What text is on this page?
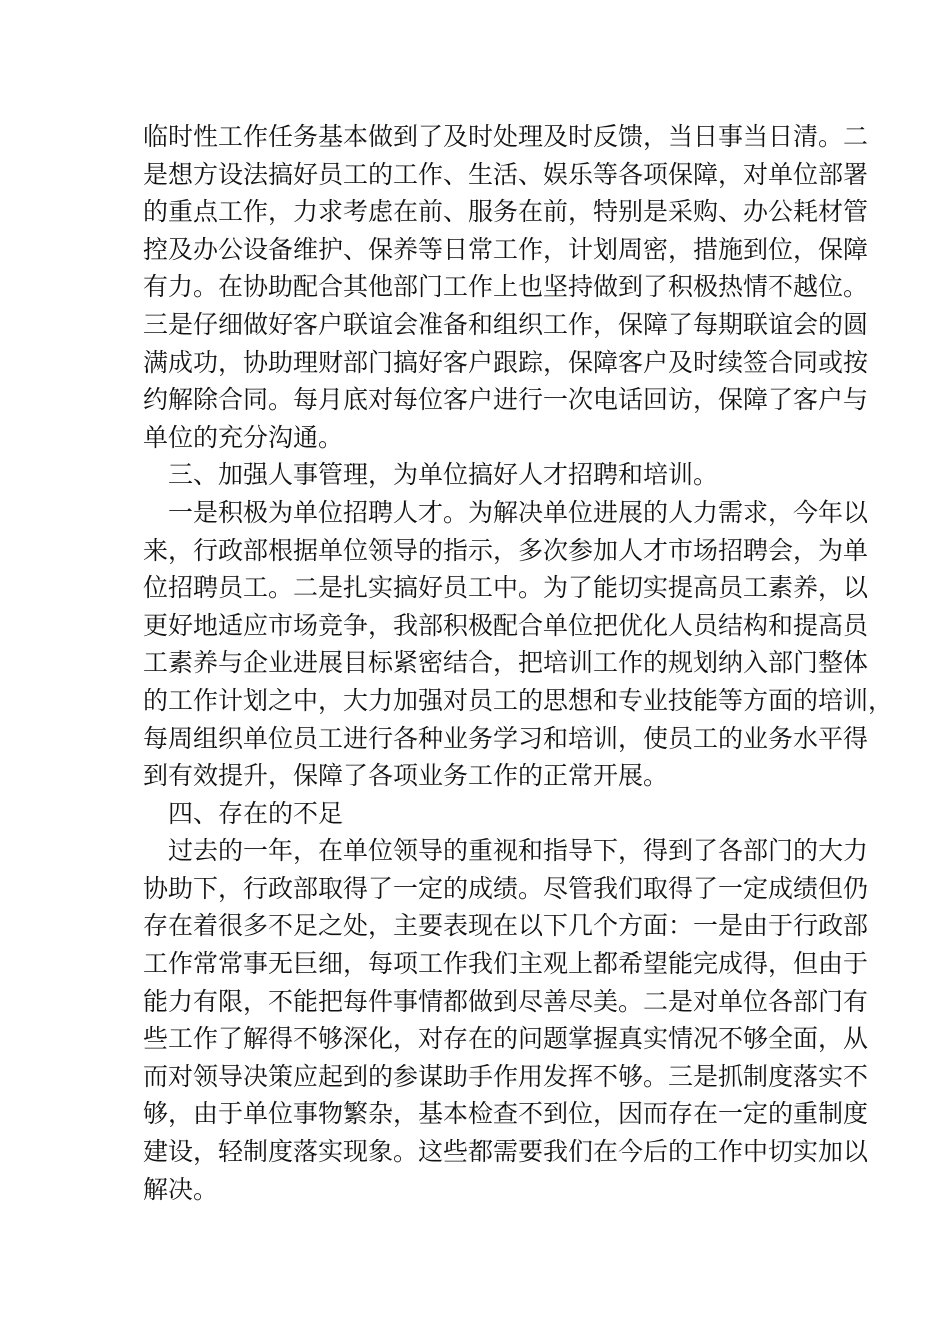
临时性工作任务基本做到了及时处理及时反馈，当日事当日清。二
是想方设法搞好员工的工作、生活、娱乐等各项保障，对单位部署
的重点工作，力求考虑在前、服务在前，特别是采购、办公耗材管
控及办公设备维护、保养等日常工作，计划周密，措施到位，保障
有力。在协助配合其他部门工作上也坚持做到了积极热情不越位。
三是仔细做好客户联谊会准备和组织工作，保障了每期联谊会的圆
满成功，协助理财部门搞好客户跟踪，保障客户及时续签合同或按
约解除合同。每月底对每位客户进行一次电话回访，保障了客户与
单位的充分沟通。
　三、加强人事管理，为单位搞好人才招聘和培训。
　一是积极为单位招聘人才。为解决单位进展的人力需求，今年以
来，行政部根据单位领导的指示，多次参加人才市场招聘会，为单
位招聘员工。二是扎实搞好员工中。为了能切实提高员工素养，以
更好地适应市场竞争，我部积极配合单位把优化人员结构和提高员
工素养与企业进展目标紧密结合，把培训工作的规划纳入部门整体
的工作计划之中，大力加强对员工的思想和专业技能等方面的培训，
每周组织单位员工进行各种业务学习和培训，使员工的业务水平得
到有效提升，保障了各项业务工作的正常开展。
　四、存在的不足
　过去的一年，在单位领导的重视和指导下，得到了各部门的大力
协助下，行政部取得了一定的成绩。尽管我们取得了一定成绩但仍
存在着很多不足之处，主要表现在以下几个方面：一是由于行政部
工作常常事无巨细，每项工作我们主观上都希望能完成得，但由于
能力有限，不能把每件事情都做到尽善尽美。二是对单位各部门有
些工作了解得不够深化，对存在的问题掌握真实情况不够全面，从
而对领导决策应起到的参谋助手作用发挥不够。三是抓制度落实不
够，由于单位事物繁杂，基本检查不到位，因而存在一定的重制度
建设，轻制度落实现象。这些都需要我们在今后的工作中切实加以
解决。
